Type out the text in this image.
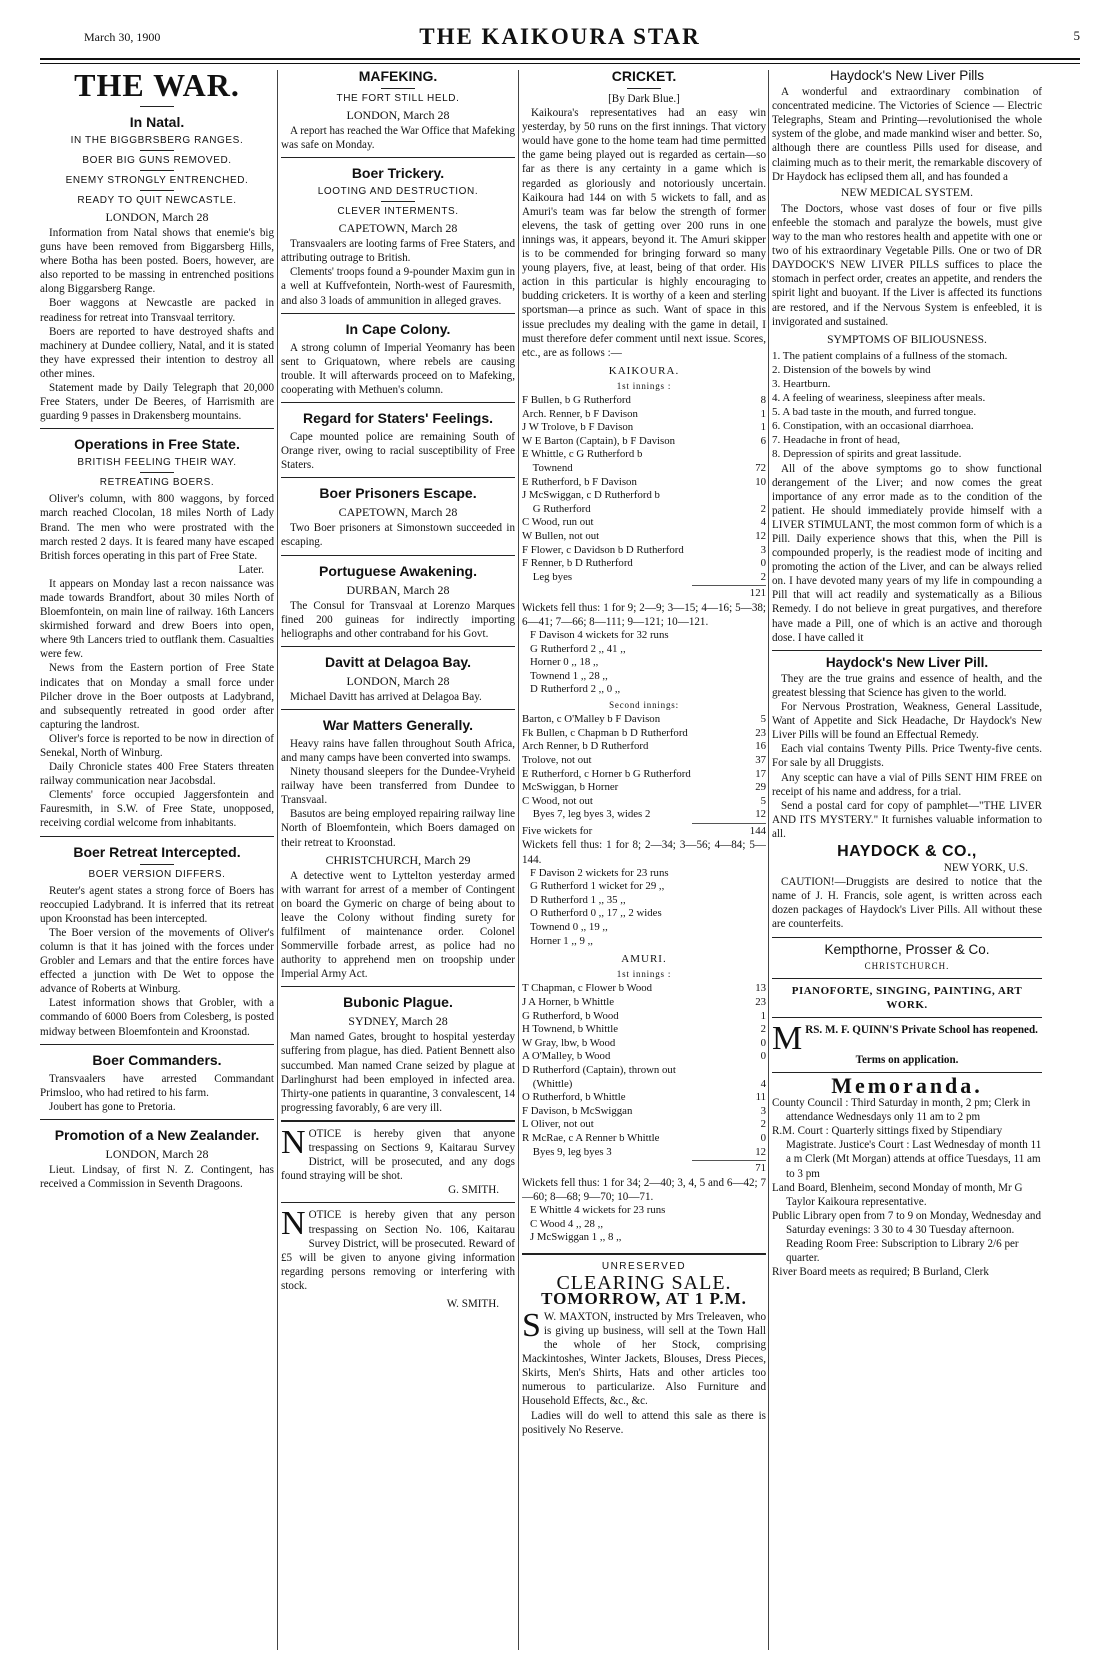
March 30, 1900	THE KAIKOURA STAR	5
THE WAR.
In Natal.
IN THE BIGGBRSBERG RANGES.
BOER BIG GUNS REMOVED.
ENEMY STRONGLY ENTRENCHED.
READY TO QUIT NEWCASTLE.
LONDON, March 28

Information from Natal shows that enemie's big guns have been removed from Biggarsberg Hills, where Botha has been posted. Boers, however, are also reported to be massing in entrenched positions along Biggarsberg Range.

Boer waggons at Newcastle are packed in readiness for retreat into Transvaal territory.

Boers are reported to have destroyed shafts and machinery at Dundee colliery, Natal, and it is stated they have expressed their intention to destroy all other mines.

Statement made by Daily Telegraph that 20,000 Free Staters, under De Beeres, of Harrismith are guarding 9 passes in Drakensberg mountains.

Operations in Free State.
BRITISH FEELING THEIR WAY.
RETREATING BOERS.

Oliver's column, with 800 waggons, by forced march reached Clocolan, 18 miles North of Lady Brand. The men who were prostrated with the march rested 2 days. It is feared many have escaped British forces operating in this part of Free State.

Later.

It appears on Monday last a recon naissance was made towards Brandfort, about 30 miles North of Bloemfontein, on main line of railway. 16th Lancers skirmished forward and drew Boers into open, where 9th Lancers tried to outflank them. Casualties were few.

News from the Eastern portion of Free State indicates that on Monday a small force under Pilcher drove in the Boer outposts at Ladybrand, and subsequently retreated in good order after capturing the landrost.

Oliver's force is reported to be now in direction of Senekal, North of Winburg.

Daily Chronicle states 400 Free Staters threaten railway communication near Jacobsdal.

Clements' force occupied Jaggersfontein and Fauresmith, in S.W. of Free State, unopposed, receiving cordial welcome from inhabitants.

Boer Retreat Intercepted.
BOER VERSION DIFFERS.

Reuter's agent states a strong force of Boers has reoccupied Ladybrand. It is inferred that its retreat upon Kroonstad has been intercepted.

The Boer version of the movements of Oliver's column is that it has joined with the forces under Grobler and Lemars and that the entire forces have effected a junction with De Wet to oppose the advance of Roberts at Winburg.

Latest information shows that Grobler, with a commando of 6000 Boers from Colesberg, is posted midway between Bloemfontein and Kroonstad.

Boer Commanders.

Transvaalers have arrested Commandant Primsloo, who had retired to his farm.

Joubert has gone to Pretoria.

Promotion of a New Zealander.
LONDON, March 28

Lieut. Lindsay, of first N. Z. Contingent, has received a Commission in Seventh Dragoons.

MAFEKING.
THE FORT STILL HELD.
LONDON, March 28

A report has reached the War Office that Mafeking was safe on Monday.

Boer Trickery.
LOOTING AND DESTRUCTION.
CLEVER INTERMENTS.
CAPETOWN, March 28

Transvaalers are looting farms of Free Staters, and attributing outrage to British.

Clements' troops found a 9-pounder Maxim gun in a well at Kuffvefontein, North-west of Fauresmith, and also 3 loads of ammunition in alleged graves.

In Cape Colony.

A strong column of Imperial Yeomanry has been sent to Griquatown, where rebels are causing trouble. It will afterwards proceed on to Mafeking, cooperating with Methuen's column.

Regard for Staters' Feelings.

Cape mounted police are remaining South of Orange river, owing to racial susceptibility of Free Staters.

Boer Prisoners Escape.
CAPETOWN, March 28

Two Boer prisoners at Simonstown succeeded in escaping.

Portuguese Awakening.
DURBAN, March 28

The Consul for Transvaal at Lorenzo Marques fined 200 guineas for indirectly importing heliographs and other contraband for his Govt.

Davitt at Delagoa Bay.
LONDON, March 28

Michael Davitt has arrived at Delagoa Bay.

War Matters Generally.

Heavy rains have fallen throughout South Africa, and many camps have been converted into swamps.

Ninety thousand sleepers for the Dundee-Vryheid railway have been transferred from Dundee to Transvaal.

Basutos are being employed repairing railway line North of Bloemfontein, which Boers damaged on their retreat to Kroonstad.

CHRISTCHURCH, March 29

A detective went to Lyttelton yesterday armed with warrant for arrest of a member of Contingent on board the Gymeric on charge of being about to leave the Colony without finding surety for fulfilment of maintenance order. Colonel Sommerville forbade arrest, as police had no authority to apprehend men on troopship under Imperial Army Act.

Bubonic Plague.
SYDNEY, March 28

Man named Gates, brought to hospital yesterday suffering from plague, has died. Patient Bennett also succumbed. Man named Crane seized by plague at Darlinghurst had been employed in infected area. Thirty-one patients in quarantine, 3 convalescent, 14 progressing favorably, 6 are very ill.

N OTICE is hereby given that anyone trespassing on Sections 9, Kaitarau Survey District, will be prosecuted, and any dogs found straying will be shot.

G. SMITH.
N OTICE is hereby given that any person trespassing on Section No. 106, Kaitarau Survey District, will be prosecuted. Reward of £5 will be given to anyone giving information regarding persons removing or interfering with stock.

W. SMITH.
CRICKET.
[By Dark Blue.]

Kaikoura's representatives had an easy win yesterday, by 50 runs on the first innings. That victory would have gone to the home team had time permitted the game being played out is regarded as certain—so far as there is any certainty in a game which is regarded as gloriously and notoriously uncertain. Kaikoura had 144 on with 5 wickets to fall, and as Amuri's team was far below the strength of former elevens, the task of getting over 200 runs in one innings was, it appears, beyond it. The Amuri skipper is to be commended for bringing forward so many young players, five, at least, being of that order. His action in this particular is highly encouraging to budding cricketers. It is worthy of a keen and sterling sportsman—a prince as such. Want of space in this issue precludes my dealing with the game in detail, I must therefore defer comment until next issue. Scores, etc., are as follows :—

KAIKOURA.
1st innings :
F Bullen, b G Rutherford	8
Arch. Renner, b F Davison	1
J W Trolove, b F Davison	1
W E Barton (Captain), b F Davison	6
E Whittle, c G Rutherford b
Townend	72
E Rutherford, b F Davison	10
J McSwiggan, c D Rutherford b
G Rutherford	2
C Wood, run out	4
W Bullen, not out	12
F Flower, c Davidson b D Rutherford	3
F Renner, b D Rutherford	0
Leg byes	2
121

Wickets fell thus: 1 for 9; 2—9; 3—15; 4—16; 5—38; 6—41; 7—66; 8—111; 9—121; 10—121.

F Davison 4 wickets for 32 runs
G Rutherford 2 ,, 41 ,,
Horner 0 ,, 18 ,,
Townend 1 ,, 28 ,,
D Rutherford 2 ,, 0 ,,
Second innings:
Barton, c O'Malley b F Davison	5
Fk Bullen, c Chapman b D Rutherford	23
Arch Renner, b D Rutherford	16
Trolove, not out	37
E Rutherford, c Horner b G Rutherford	17
McSwiggan, b Horner	29
C Wood, not out	5
Byes 7, leg byes 3, wides 2	12
Five wickets for	144

Wickets fell thus: 1 for 8; 2—34; 3—56; 4—84; 5—144.

F Davison 2 wickets for 23 runs
G Rutherford 1 wicket for 29 ,,
D Rutherford 1 ,, 35 ,,
O Rutherford 0 ,, 17 ,, 2 wides
Townend 0 ,, 19 ,,
Horner 1 ,, 9 ,,
AMURI.
1st innings :
T Chapman, c Flower b Wood	13
J A Horner, b Whittle	23
G Rutherford, b Wood	1
H Townend, b Whittle	2
W Gray, lbw, b Wood	0
A O'Malley, b Wood	0
D Rutherford (Captain), thrown out
(Whittle)	4
O Rutherford, b Whittle	11
F Davison, b McSwiggan	3
L Oliver, not out	2
R McRae, c A Renner b Whittle	0
Byes 9, leg byes 3	12
71

Wickets fell thus: 1 for 34; 2—40; 3, 4, 5 and 6—42; 7—60; 8—68; 9—70; 10—71.

E Whittle 4 wickets for 23 runs
C Wood 4 ,, 28 ,,
J McSwiggan 1 ,, 8 ,,
UNRESERVED
CLEARING SALE.
TOMORROW, AT 1 P.M.
S W. MAXTON, instructed by Mrs Treleaven, who is giving up business, will sell at the Town Hall the whole of her Stock, comprising Mackintoshes, Winter Jackets, Blouses, Dress Pieces, Skirts, Men's Shirts, Hats and other articles too numerous to particularize. Also Furniture and Household Effects, &c., &c.

Ladies will do well to attend this sale as there is positively No Reserve.

Haydock's New Liver Pills

A wonderful and extraordinary combination of concentrated medicine. The Victories of Science — Electric Telegraphs, Steam and Printing—revolutionised the whole system of the globe, and made mankind wiser and better. So, although there are countless Pills used for disease, and claiming much as to their merit, the remarkable discovery of Dr Haydock has eclipsed them all, and has founded a

NEW MEDICAL SYSTEM.

The Doctors, whose vast doses of four or five pills enfeeble the stomach and paralyze the bowels, must give way to the man who restores health and appetite with one or two of his extraordinary Vegetable Pills. One or two of DR DAYDOCK'S NEW LIVER PILLS suffices to place the stomach in perfect order, creates an appetite, and renders the spirit light and buoyant. If the Liver is affected its functions are restored, and if the Nervous System is enfeebled, it is invigorated and sustained.

SYMPTOMS OF BILIOUSNESS.
1. The patient complains of a fullness of the stomach.
2. Distension of the bowels by wind
3. Heartburn.
4. A feeling of weariness, sleepiness after meals.
5. A bad taste in the mouth, and furred tongue.
6. Constipation, with an occasional diarrhoea.
7. Headache in front of head,
8. Depression of spirits and great lassitude.

All of the above symptoms go to show functional derangement of the Liver; and now comes the great importance of any error made as to the condition of the patient. He should immediately provide himself with a LIVER STIMULANT, the most common form of which is a Pill. Daily experience shows that this, when the Pill is compounded properly, is the readiest mode of inciting and promoting the action of the Liver, and can be always relied on. I have devoted many years of my life in compounding a Pill that will act readily and systematically as a Bilious Remedy. I do not believe in great purgatives, and therefore have made a Pill, one of which is an active and thorough dose. I have called it

Haydock's New Liver Pill.

They are the true grains and essence of health, and the greatest blessing that Science has given to the world.

For Nervous Prostration, Weakness, General Lassitude, Want of Appetite and Sick Headache, Dr Haydock's New Liver Pills will be found an Effectual Remedy.

Each vial contains Twenty Pills. Price Twenty-five cents. For sale by all Druggists.

Any sceptic can have a vial of Pills SENT HIM FREE on receipt of his name and address, for a trial.

Send a postal card for copy of pamphlet—"THE LIVER AND ITS MYSTERY." It furnishes valuable information to all.

HAYDOCK & CO.,
NEW YORK, U.S.

CAUTION!—Druggists are desired to notice that the name of J. H. Francis, sole agent, is written across each dozen packages of Haydock's Liver Pills. All without these are counterfeits.

Kempthorne, Prosser & Co.
CHRISTCHURCH.
PIANOFORTE, SINGING, PAINTING, ART WORK.
M RS. M. F. QUINN'S Private School has reopened.

Terms on application.
Memoranda.
County Council : Third Saturday in month, 2 pm; Clerk in attendance Wednesdays only 11 am to 2 pm
R.M. Court : Quarterly sittings fixed by Stipendiary Magistrate. Justice's Court : Last Wednesday of month 11 a m Clerk (Mt Morgan) attends at office Tuesdays, 11 am to 3 pm
Land Board, Blenheim, second Monday of month, Mr G Taylor Kaikoura representative.
Public Library open from 7 to 9 on Monday, Wednesday and Saturday evenings: 3 30 to 4 30 Tuesday afternoon. Reading Room Free: Subscription to Library 2/6 per quarter.
River Board meets as required; B Burland, Clerk
